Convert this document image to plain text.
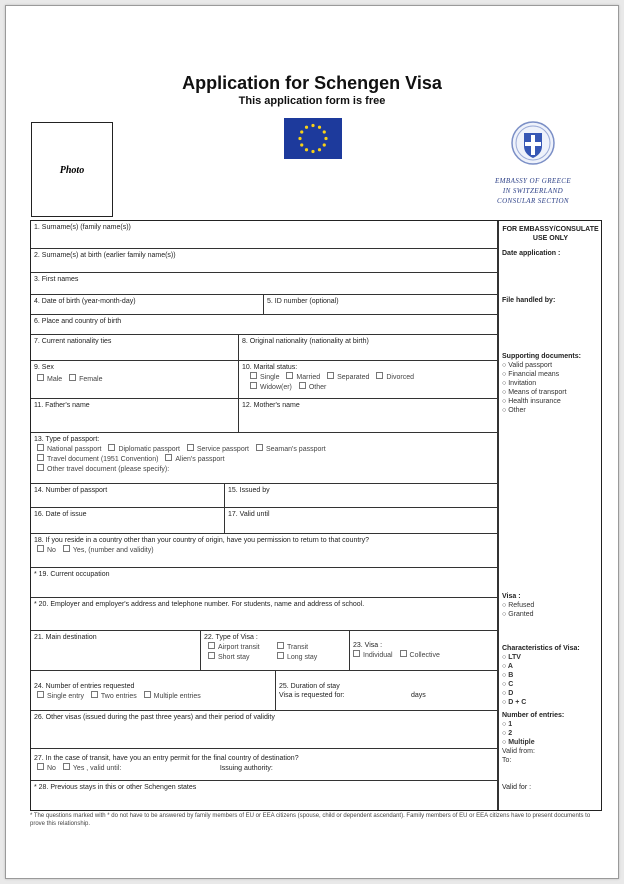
Application for Schengen Visa
This application form is free
Photo
EMBASSY OF GREECE
IN SWITZERLAND
CONSULAR SECTION
1. Surname(s) (family name(s))
2. Surname(s) at birth (earlier family name(s))
3. First names
4. Date of birth (year-month-day)	5. ID number (optional)
6. Place and country of birth
7. Current nationality ties	8. Original nationality (nationality at birth)
9. Sex
Male Female
10. Marital status:
Single Married Separated Divorced
Widow(er) Other
11. Father's name	12. Mother's name
13. Type of passport:
National passport Diplomatic passport Service passport Seaman's passport
Travel document (1951 Convention) Alien's passport
Other travel document (please specify):
14. Number of passport	15. Issued by
16. Date of issue	17. Valid until
18. If you reside in a country other than your country of origin, have you permission to return to that country?
No Yes, (number and validity)
* 19. Current occupation
* 20. Employer and employer's address and telephone number. For students, name and address of school.
21. Main destination	22. Type of Visa :
Airport transit	Transit
Short stay	Long stay
23. Visa :
Individual Collective
24. Number of entries requested
Single entry Two entries Multiple entries
25. Duration of stay
Visa is requested for:	days
26. Other visas (issued during the past three years) and their period of validity
27. In the case of transit, have you an entry permit for the final country of destination?
No Yes , valid until:	Issuing authority:
* 28. Previous stays in this or other Schengen states
FOR EMBASSY/CONSULATE USE ONLY
Date application :
File handled by:
Supporting documents:
○ Valid passport
○ Financial means
○ Invitation
○ Means of transport
○ Health insurance
○ Other
Visa :
○ Refused
○ Granted
Characteristics of Visa:
○ LTV
○ A
○ B
○ C
○ D
○ D + C
Number of entries:
○ 1
○ 2
○ Multiple
Valid from:
To:
Valid for :
* The questions marked with * do not have to be answered by family members of EU or EEA citizens (spouse, child or dependent ascendant). Family members of EU or EEA citizens have to present documents to prove this relationship.
